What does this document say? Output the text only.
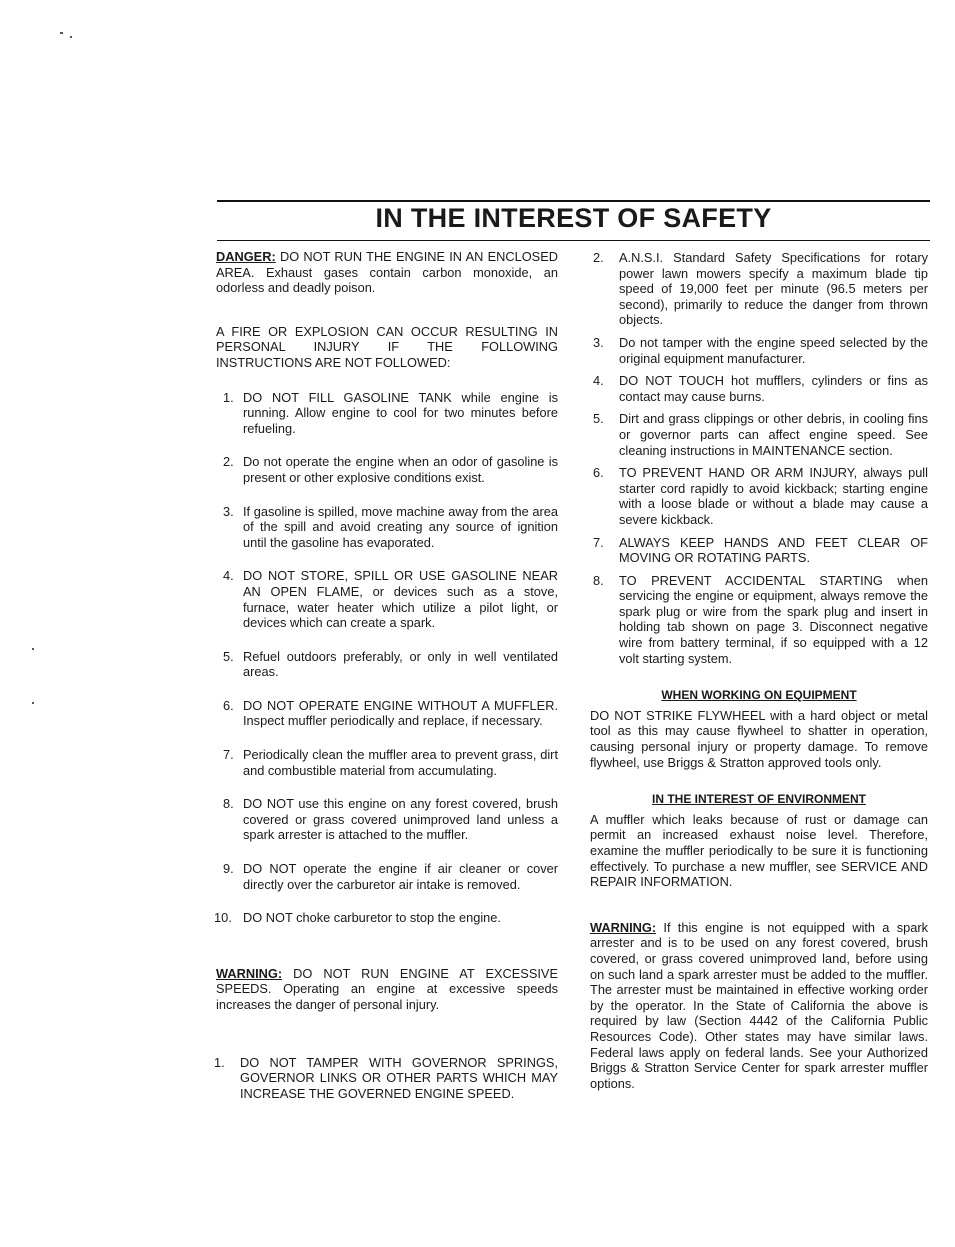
IN THE INTEREST OF SAFETY

DANGER: DO NOT RUN THE ENGINE IN AN ENCLOSED AREA. Exhaust gases contain carbon monoxide, an odorless and deadly poison.

A FIRE OR EXPLOSION CAN OCCUR RESULTING IN PERSONAL INJURY IF THE FOLLOWING INSTRUCTIONS ARE NOT FOLLOWED:

1. DO NOT FILL GASOLINE TANK while engine is running. Allow engine to cool for two minutes before refueling.

2. Do not operate the engine when an odor of gasoline is present or other explosive conditions exist.

3. If gasoline is spilled, move machine away from the area of the spill and avoid creating any source of ignition until the gasoline has evaporated.

4. DO NOT STORE, SPILL OR USE GASOLINE NEAR AN OPEN FLAME, or devices such as a stove, furnace, water heater which utilize a pilot light, or devices which can create a spark.

5. Refuel outdoors preferably, or only in well ventilated areas.

6. DO NOT OPERATE ENGINE WITHOUT A MUFFLER. Inspect muffler periodically and replace, if necessary.

7. Periodically clean the muffler area to prevent grass, dirt and combustible material from accumulating.

8. DO NOT use this engine on any forest covered, brush covered or grass covered unimproved land unless a spark arrester is attached to the muffler.

9. DO NOT operate the engine if air cleaner or cover directly over the carburetor air intake is removed.

10. DO NOT choke carburetor to stop the engine.

WARNING: DO NOT RUN ENGINE AT EXCESSIVE SPEEDS. Operating an engine at excessive speeds increases the danger of personal injury.

1. DO NOT TAMPER WITH GOVERNOR SPRINGS, GOVERNOR LINKS OR OTHER PARTS WHICH MAY INCREASE THE GOVERNED ENGINE SPEED.

2. A.N.S.I. Standard Safety Specifications for rotary power lawn mowers specify a maximum blade tip speed of 19,000 feet per minute (96.5 meters per second), primarily to reduce the danger from thrown objects.

3. Do not tamper with the engine speed selected by the original equipment manufacturer.

4. DO NOT TOUCH hot mufflers, cylinders or fins as contact may cause burns.

5. Dirt and grass clippings or other debris, in cooling fins or governor parts can affect engine speed. See cleaning instructions in MAINTENANCE section.

6. TO PREVENT HAND OR ARM INJURY, always pull starter cord rapidly to avoid kickback; starting engine with a loose blade or without a blade may cause a severe kickback.

7. ALWAYS KEEP HANDS AND FEET CLEAR OF MOVING OR ROTATING PARTS.

8. TO PREVENT ACCIDENTAL STARTING when servicing the engine or equipment, always remove the spark plug or wire from the spark plug and insert in holding tab shown on page 3. Disconnect negative wire from battery terminal, if so equipped with a 12 volt starting system.

WHEN WORKING ON EQUIPMENT

DO NOT STRIKE FLYWHEEL with a hard object or metal tool as this may cause flywheel to shatter in operation, causing personal injury or property damage. To remove flywheel, use Briggs & Stratton approved tools only.

IN THE INTEREST OF ENVIRONMENT

A muffler which leaks because of rust or damage can permit an increased exhaust noise level. Therefore, examine the muffler periodically to be sure it is functioning effectively. To purchase a new muffler, see SERVICE AND REPAIR INFORMATION.

WARNING: If this engine is not equipped with a spark arrester and is to be used on any forest covered, brush covered, or grass covered unimproved land, before using on such land a spark arrester must be added to the muffler. The arrester must be maintained in effective working order by the operator. In the State of California the above is required by law (Section 4442 of the California Public Resources Code). Other states may have similar laws. Federal laws apply on federal lands. See your Authorized Briggs & Stratton Service Center for spark arrester muffler options.
